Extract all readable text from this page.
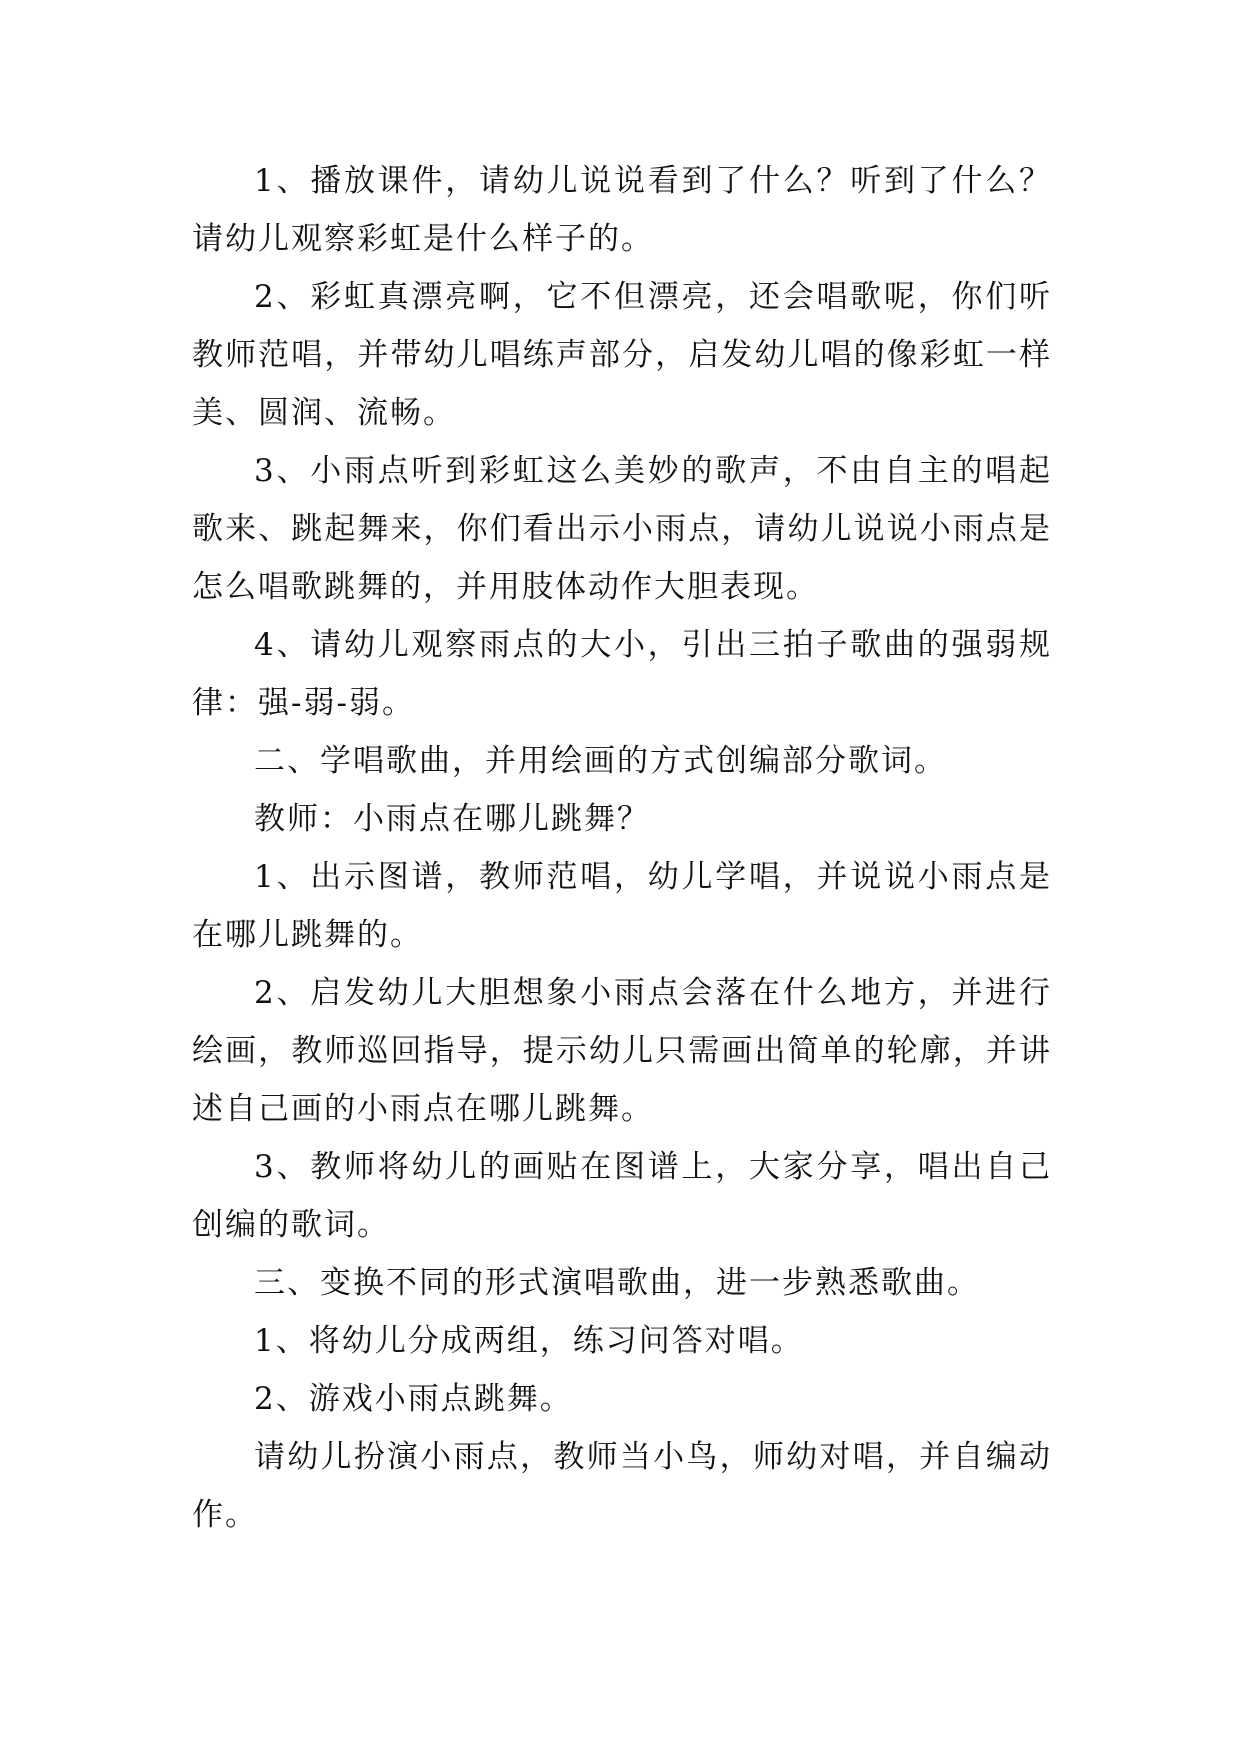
1、播放课件，请幼儿说说看到了什么？听到了什么？请幼儿观察彩虹是什么样子的。

2、彩虹真漂亮啊，它不但漂亮，还会唱歌呢，你们听教师范唱，并带幼儿唱练声部分，启发幼儿唱的像彩虹一样美、圆润、流畅。

3、小雨点听到彩虹这么美妙的歌声，不由自主的唱起歌来、跳起舞来，你们看出示小雨点，请幼儿说说小雨点是怎么唱歌跳舞的，并用肢体动作大胆表现。

4、请幼儿观察雨点的大小，引出三拍子歌曲的强弱规律：强-弱-弱。

二、学唱歌曲，并用绘画的方式创编部分歌词。

教师：小雨点在哪儿跳舞？

1、出示图谱，教师范唱，幼儿学唱，并说说小雨点是在哪儿跳舞的。

2、启发幼儿大胆想象小雨点会落在什么地方，并进行绘画，教师巡回指导，提示幼儿只需画出简单的轮廓，并讲述自己画的小雨点在哪儿跳舞。

3、教师将幼儿的画贴在图谱上，大家分享，唱出自己创编的歌词。

三、变换不同的形式演唱歌曲，进一步熟悉歌曲。

1、将幼儿分成两组，练习问答对唱。

2、游戏小雨点跳舞。

请幼儿扮演小雨点，教师当小鸟，师幼对唱，并自编动作。
